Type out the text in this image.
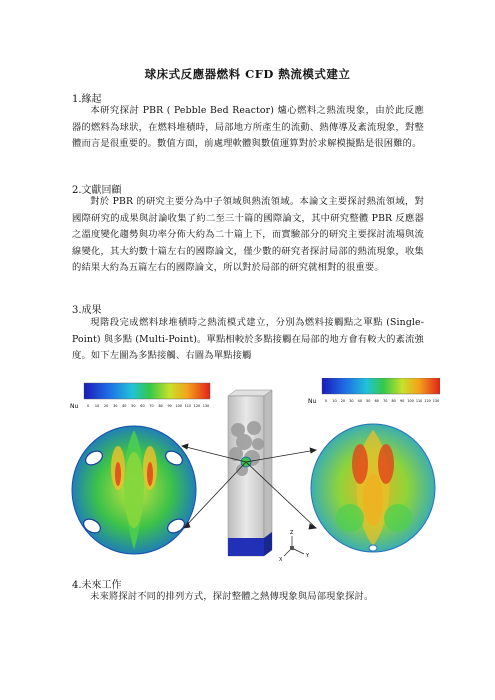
球床式反應器燃料 CFD 熱流模式建立
1.緣起
本研究探討 PBR ( Pebble Bed Reactor) 爐心燃料之熱流現象，由於此反應器的燃料為球狀，在燃料堆積時，局部地方所產生的流動、熱傳導及紊流現象，對整體而言是很重要的。數值方面，前處理軟體與數值運算對於求解模擬點是很困難的。
2.文獻回顧
對於 PBR 的研究主要分為中子領域與熱流領域。本論文主要探討熱流領域，對國際研究的成果與討論收集了約二至三十篇的國際論文，其中研究整體 PBR 反應器之溫度變化趨勢與功率分佈大約為二十篇上下，而實驗部分的研究主要探討流場與流線變化，其大約數十篇左右的國際論文，僅少數的研究者探討局部的熱流現象，收集的結果大約為五篇左右的國際論文，所以對於局部的研究就相對的很重要。
3.成果
現階段完成燃料球堆積時之熱流模式建立，分別為燃料接觸點之單點 (Single-Point) 與多點 (Multi-Point)。單點相較於多點接觸在局部的地方會有較大的紊流強度。如下左圖為多點接觸、右圖為單點接觸
Nu	0 10 20 30 40 50 60 70 80 90 100 110 120 130
Nu	0 10 20 30 40 50 60 70 80 90 100 110 120 130
Z
Y
X
4.未來工作
未來將探討不同的排列方式，探討整體之熱傳現象與局部現象探討。
